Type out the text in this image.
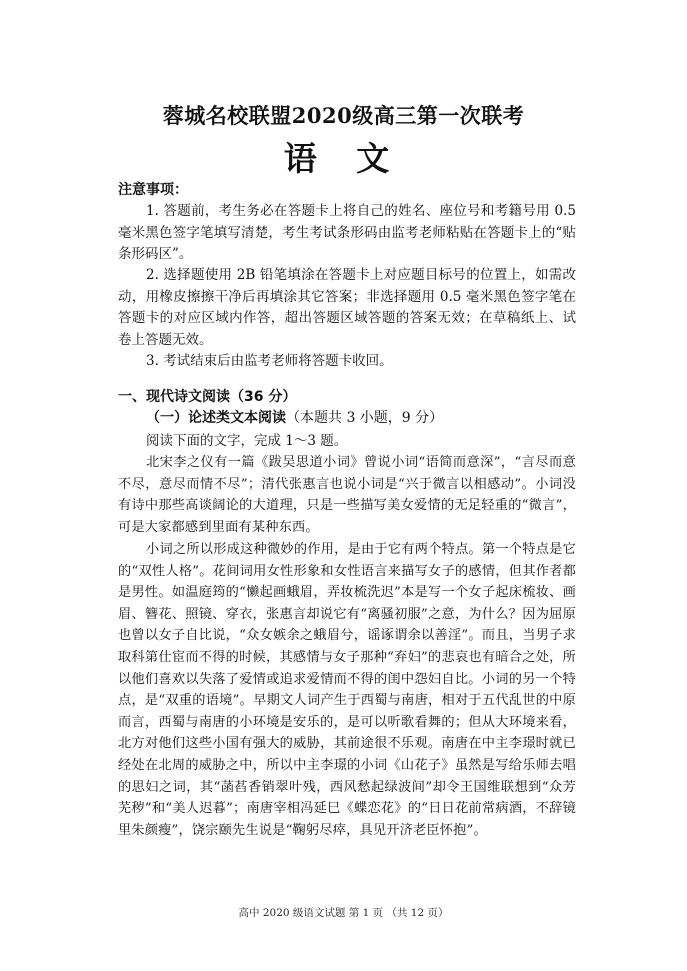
蓉城名校联盟2020级高三第一次联考
语 文
注意事项：

1. 答题前，考生务必在答题卡上将自己的姓名、座位号和考籍号用 0.5 毫米黑色签字笔填写清楚，考生考试条形码由监考老师粘贴在答题卡上的“贴条形码区”。

2. 选择题使用 2B 铅笔填涂在答题卡上对应题目标号的位置上，如需改动，用橡皮擦擦干净后再填涂其它答案；非选择题用 0.5 毫米黑色签字笔在答题卡的对应区域内作答，超出答题区域答题的答案无效；在草稿纸上、试卷上答题无效。

3. 考试结束后由监考老师将答题卡收回。

一、现代诗文阅读（36 分）
（一）论述类文本阅读（本题共 3 小题，9 分）
阅读下面的文字，完成 1～3 题。

北宋李之仪有一篇《跋吴思道小词》曾说小词“语简而意深”，“言尽而意不尽，意尽而情不尽”；清代张惠言也说小词是“兴于微言以相感动”。小词没有诗中那些高谈阔论的大道理，只是一些描写美女爱情的无足轻重的“微言”，可是大家都感到里面有某种东西。

小词之所以形成这种微妙的作用，是由于它有两个特点。第一个特点是它的“双性人格”。花间词用女性形象和女性语言来描写女子的感情，但其作者都是男性。如温庭筠的“懒起画蛾眉，弄妆梳洗迟”本是写一个女子起床梳妆、画眉、簪花、照镜、穿衣，张惠言却说它有“离骚初服”之意，为什么？因为屈原也曾以女子自比说，“众女嫉余之蛾眉兮，谣诼谓余以善淫”。而且，当男子求取科第仕宦而不得的时候，其感情与女子那种“弃妇”的悲哀也有暗合之处，所以他们喜欢以失落了爱情或追求爱情而不得的闺中怨妇自比。小词的另一个特点，是“双重的语境”。早期文人词产生于西蜀与南唐，相对于五代乱世的中原而言，西蜀与南唐的小环境是安乐的，是可以听歌看舞的；但从大环境来看，北方对他们这些小国有强大的威胁，其前途很不乐观。南唐在中主李璟时就已经处在北周的威胁之中，所以中主李璟的小词《山花子》虽然是写给乐师去唱的思妇之词，其“菡萏香销翠叶残，西风愁起绿波间”却令王国维联想到“众芳芜秽”和“美人迟暮”；南唐宰相冯延巳《蝶恋花》的“日日花前常病酒，不辞镜里朱颜瘦”，饶宗颐先生说是“鞠躬尽瘁，具见开济老臣怀抱”。

高中 2020 级语文试题 第 1 页 （共 12 页）
